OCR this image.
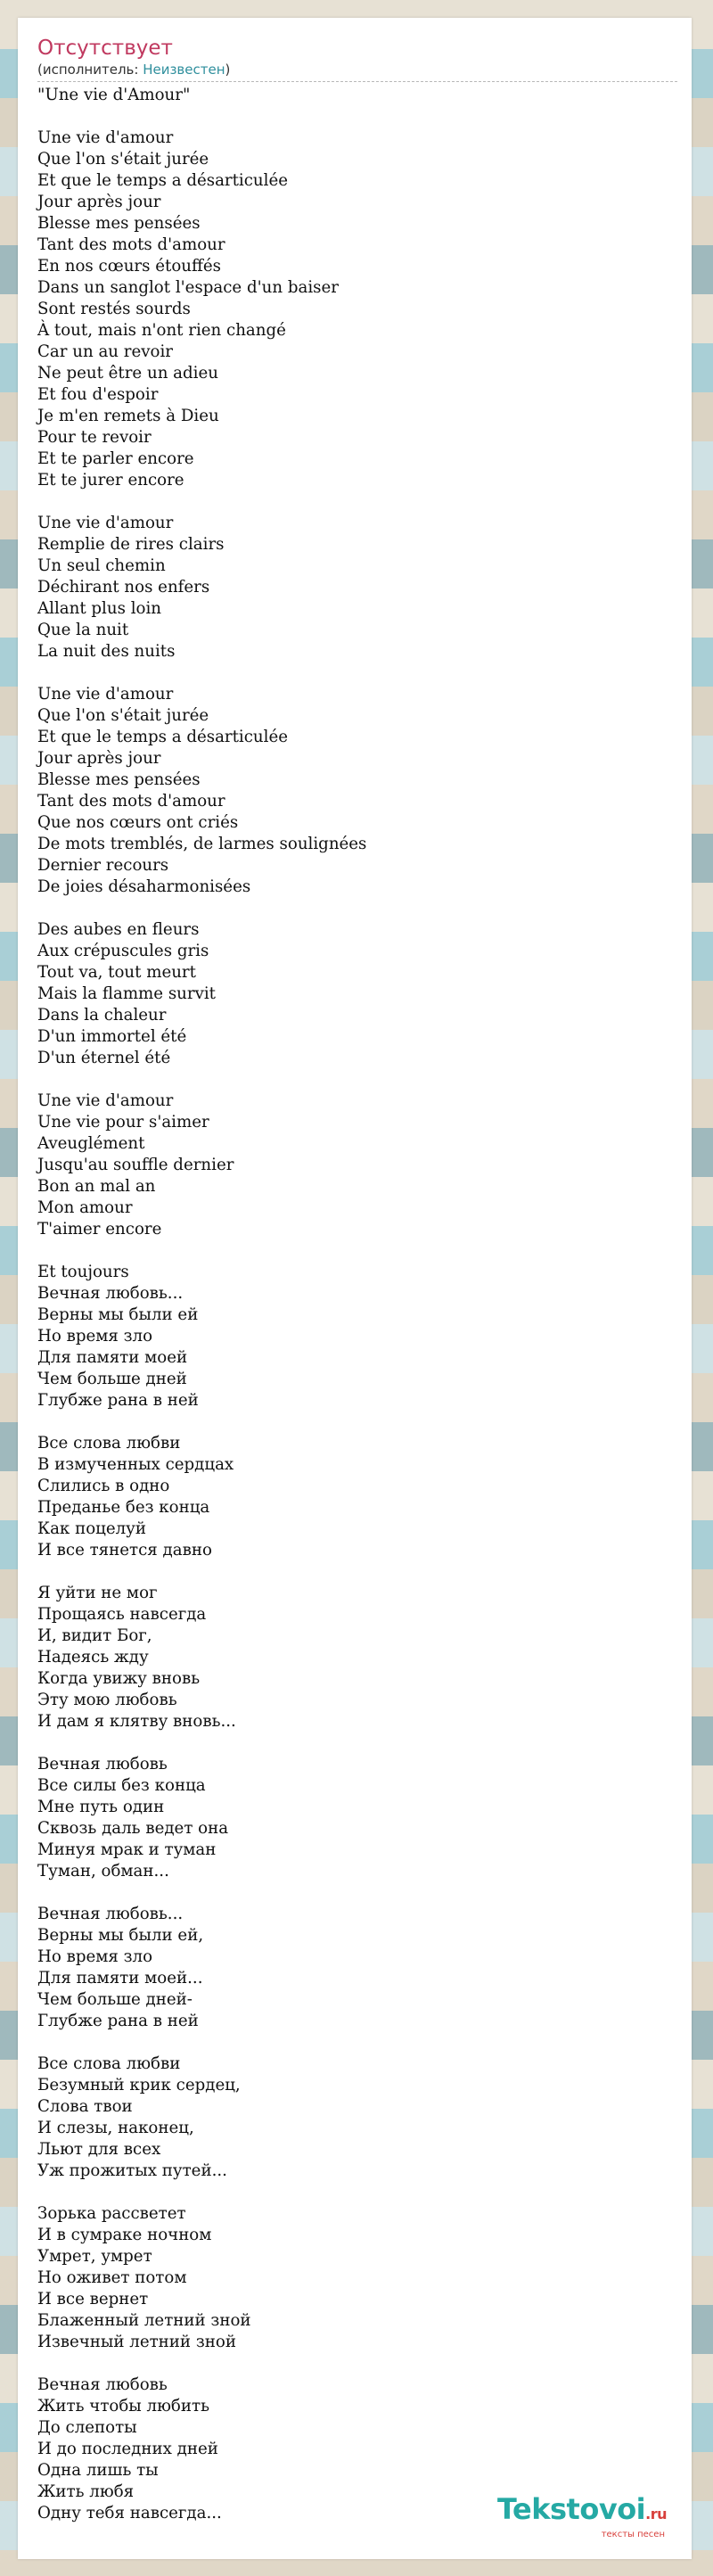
Отсутствует
(исполнитель: Неизвестен)
"Une vie d'Amour"
Une vie d'amour
Que l'on s'était jurée
Et que le temps a désarticulée
Jour après jour
Blesse mes pensées
Tant des mots d'amour
En nos cœurs étouffés
Dans un sanglot l'espace d'un baiser
Sont restés sourds
À tout, mais n'ont rien changé
Car un au revoir
Ne peut être un adieu
Et fou d'espoir
Je m'en remets à Dieu
Pour te revoir
Et te parler encore
Et te jurer encore
Une vie d'amour
Remplie de rires clairs
Un seul chemin
Déchirant nos enfers
Allant plus loin
Que la nuit
La nuit des nuits
Une vie d'amour
Que l'on s'était jurée
Et que le temps a désarticulée
Jour après jour
Blesse mes pensées
Tant des mots d'amour
Que nos cœurs ont criés
De mots tremblés, de larmes soulignées
Dernier recours
De joies désaharmonisées
Des aubes en fleurs
Aux crépuscules gris
Tout va, tout meurt
Mais la flamme survit
Dans la chaleur
D'un immortel été
D'un éternel été
Une vie d'amour
Une vie pour s'aimer
Aveuglément
Jusqu'au souffle dernier
Bon an mal an
Mon amour
T'aimer encore
Et toujours
Вечная любовь...
Верны мы были ей
Но время зло
Для памяти моей
Чем больше дней
Глубже рана в ней
Все слова любви
В измученных сердцах
Слились в одно
Преданье без конца
Как поцелуй
И все тянется давно
Я уйти не мог
Прощаясь навсегда
И, видит Бог,
Надеясь жду
Когда увижу вновь
Эту мою любовь
И дам я клятву вновь...
Вечная любовь
Все силы без конца
Мне путь один
Сквозь даль ведет она
Минуя мрак и туман
Туман, обман...
Вечная любовь...
Верны мы были ей,
Но время зло
Для памяти моей...
Чем больше дней-
Глубже рана в ней
Все слова любви
Безумный крик сердец,
Слова твои
И слезы, наконец,
Льют для всех
Уж прожитых путей...
Зорька рассветет
И в сумраке ночном
Умрет, умрет
Но оживет потом
И все вернет
Блаженный летний зной
Извечный летний зной
Вечная любовь
Жить чтобы любить
До слепоты
И до последних дней
Одна лишь ты
Жить любя
Одну тебя навсегда...	Tekstovoi.ru
тексты песен
